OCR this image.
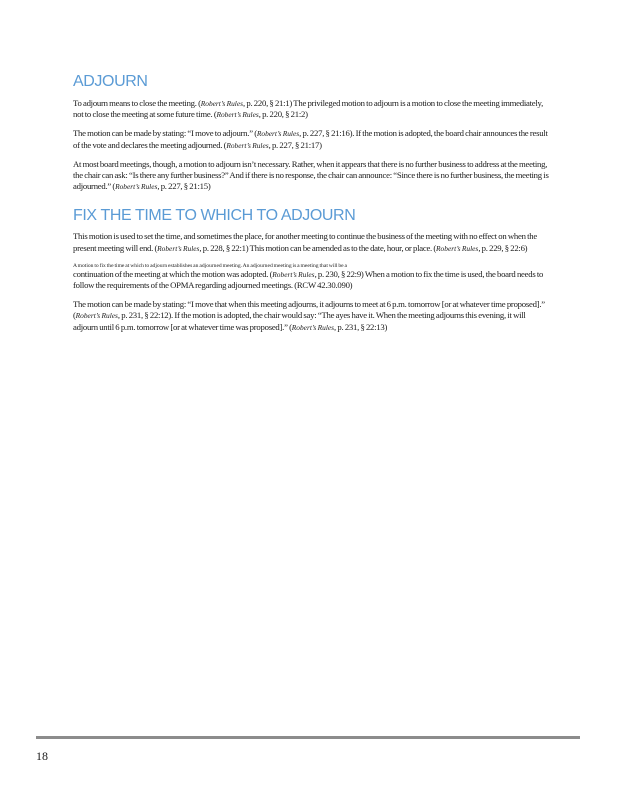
ADJOURN

To adjourn means to close the meeting. (Robert’s Rules, p. 220, § 21:1) The privileged motion to adjourn is a motion to close the meeting immediately, not to close the meeting at some future time. (Robert’s Rules, p. 220, § 21:2)

The motion can be made by stating: “I move to adjourn.” (Robert’s Rules, p. 227, § 21:16). If the motion is adopted, the board chair announces the result of the vote and declares the meeting adjourned. (Robert’s Rules, p. 227, § 21:17)

At most board meetings, though, a motion to adjourn isn’t necessary. Rather, when it appears that there is no further business to address at the meeting, the chair can ask: “Is there any further business?” And if there is no response, the chair can announce: “Since there is no further business, the meeting is adjourned.” (Robert’s Rules, p. 227, § 21:15)

FIX THE TIME TO WHICH TO ADJOURN

This motion is used to set the time, and sometimes the place, for another meeting to continue the business of the meeting with no effect on when the present meeting will end. (Robert’s Rules, p. 228, § 22:1) This motion can be amended as to the date, hour, or place. (Robert’s Rules, p. 229, § 22:6)

A motion to fix the time at which to adjourn establishes an adjourned meeting. An adjourned meeting is a meeting that will be a

continuation of the meeting at which the motion was adopted. (Robert’s Rules, p. 230, § 22:9) When a motion to fix the time is used, the board needs to follow the requirements of the OPMA regarding adjourned meetings. (RCW 42.30.090)

The motion can be made by stating: “I move that when this meeting adjourns, it adjourns to meet at 6 p.m. tomorrow [or at whatever time proposed].” (Robert’s Rules, p. 231, § 22:12). If the motion is adopted, the chair would say: “The ayes have it. When the meeting adjourns this evening, it will adjourn until 6 p.m. tomorrow [or at whatever time was proposed].” (Robert’s Rules, p. 231, § 22:13)

18
